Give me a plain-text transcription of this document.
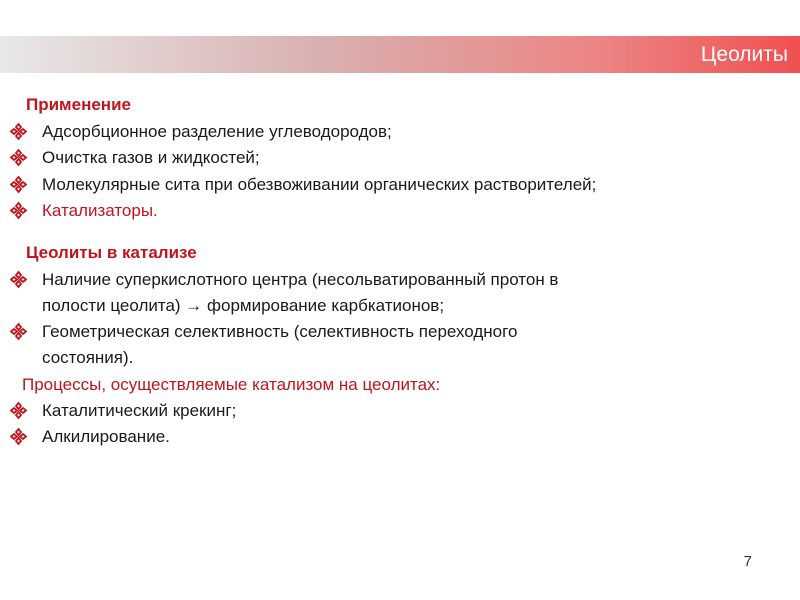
Цеолиты
Применение
Адсорбционное разделение углеводородов;
Очистка газов и жидкостей;
Молекулярные сита при обезвоживании органических растворителей;
Катализаторы.
Цеолиты в катализе
Наличие суперкислотного центра (несольватированный протон в
полости цеолита) → формирование карбкатионов;
Геометрическая селективность (селективность переходного
состояния).
Процессы, осуществляемые катализом на цеолитах:
Каталитический крекинг;
Алкилирование.
7
